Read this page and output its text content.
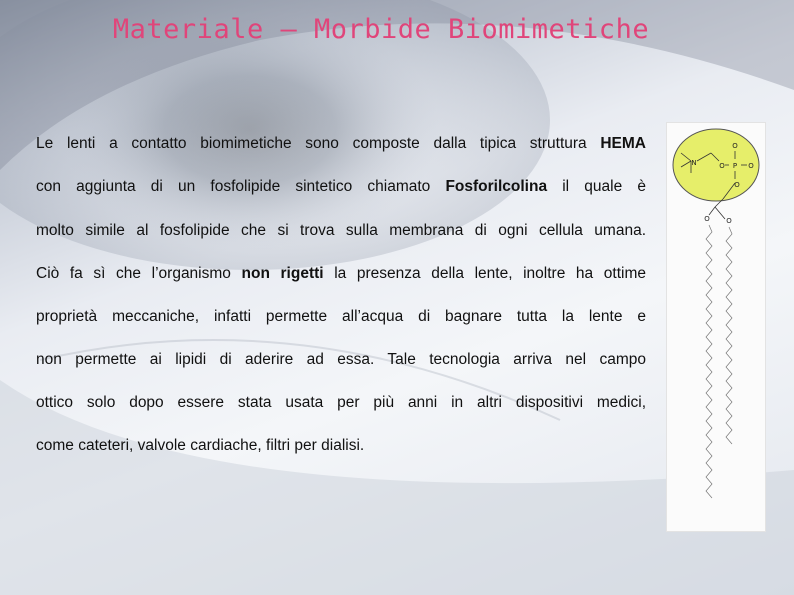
Materiale – Morbide Biomimetiche
Le lenti a contatto biomimetiche sono composte dalla tipica struttura HEMA
con aggiunta di un fosfolipide sintetico chiamato Fosforilcolina il quale è
molto simile al fosfolipide che si trova sulla membrana di ogni cellula umana.
Ciò fa sì che l’organismo non rigetti la presenza della lente, inoltre ha ottime
proprietà meccaniche, infatti permette all’acqua di bagnare tutta la lente e
non permette ai lipidi di aderire ad essa. Tale tecnologia arriva nel campo
ottico solo dopo essere stata usata per più anni in altri dispositivi medici,
come cateteri, valvole cardiache, filtri per dialisi.
N	O P
O
O
O
O O
